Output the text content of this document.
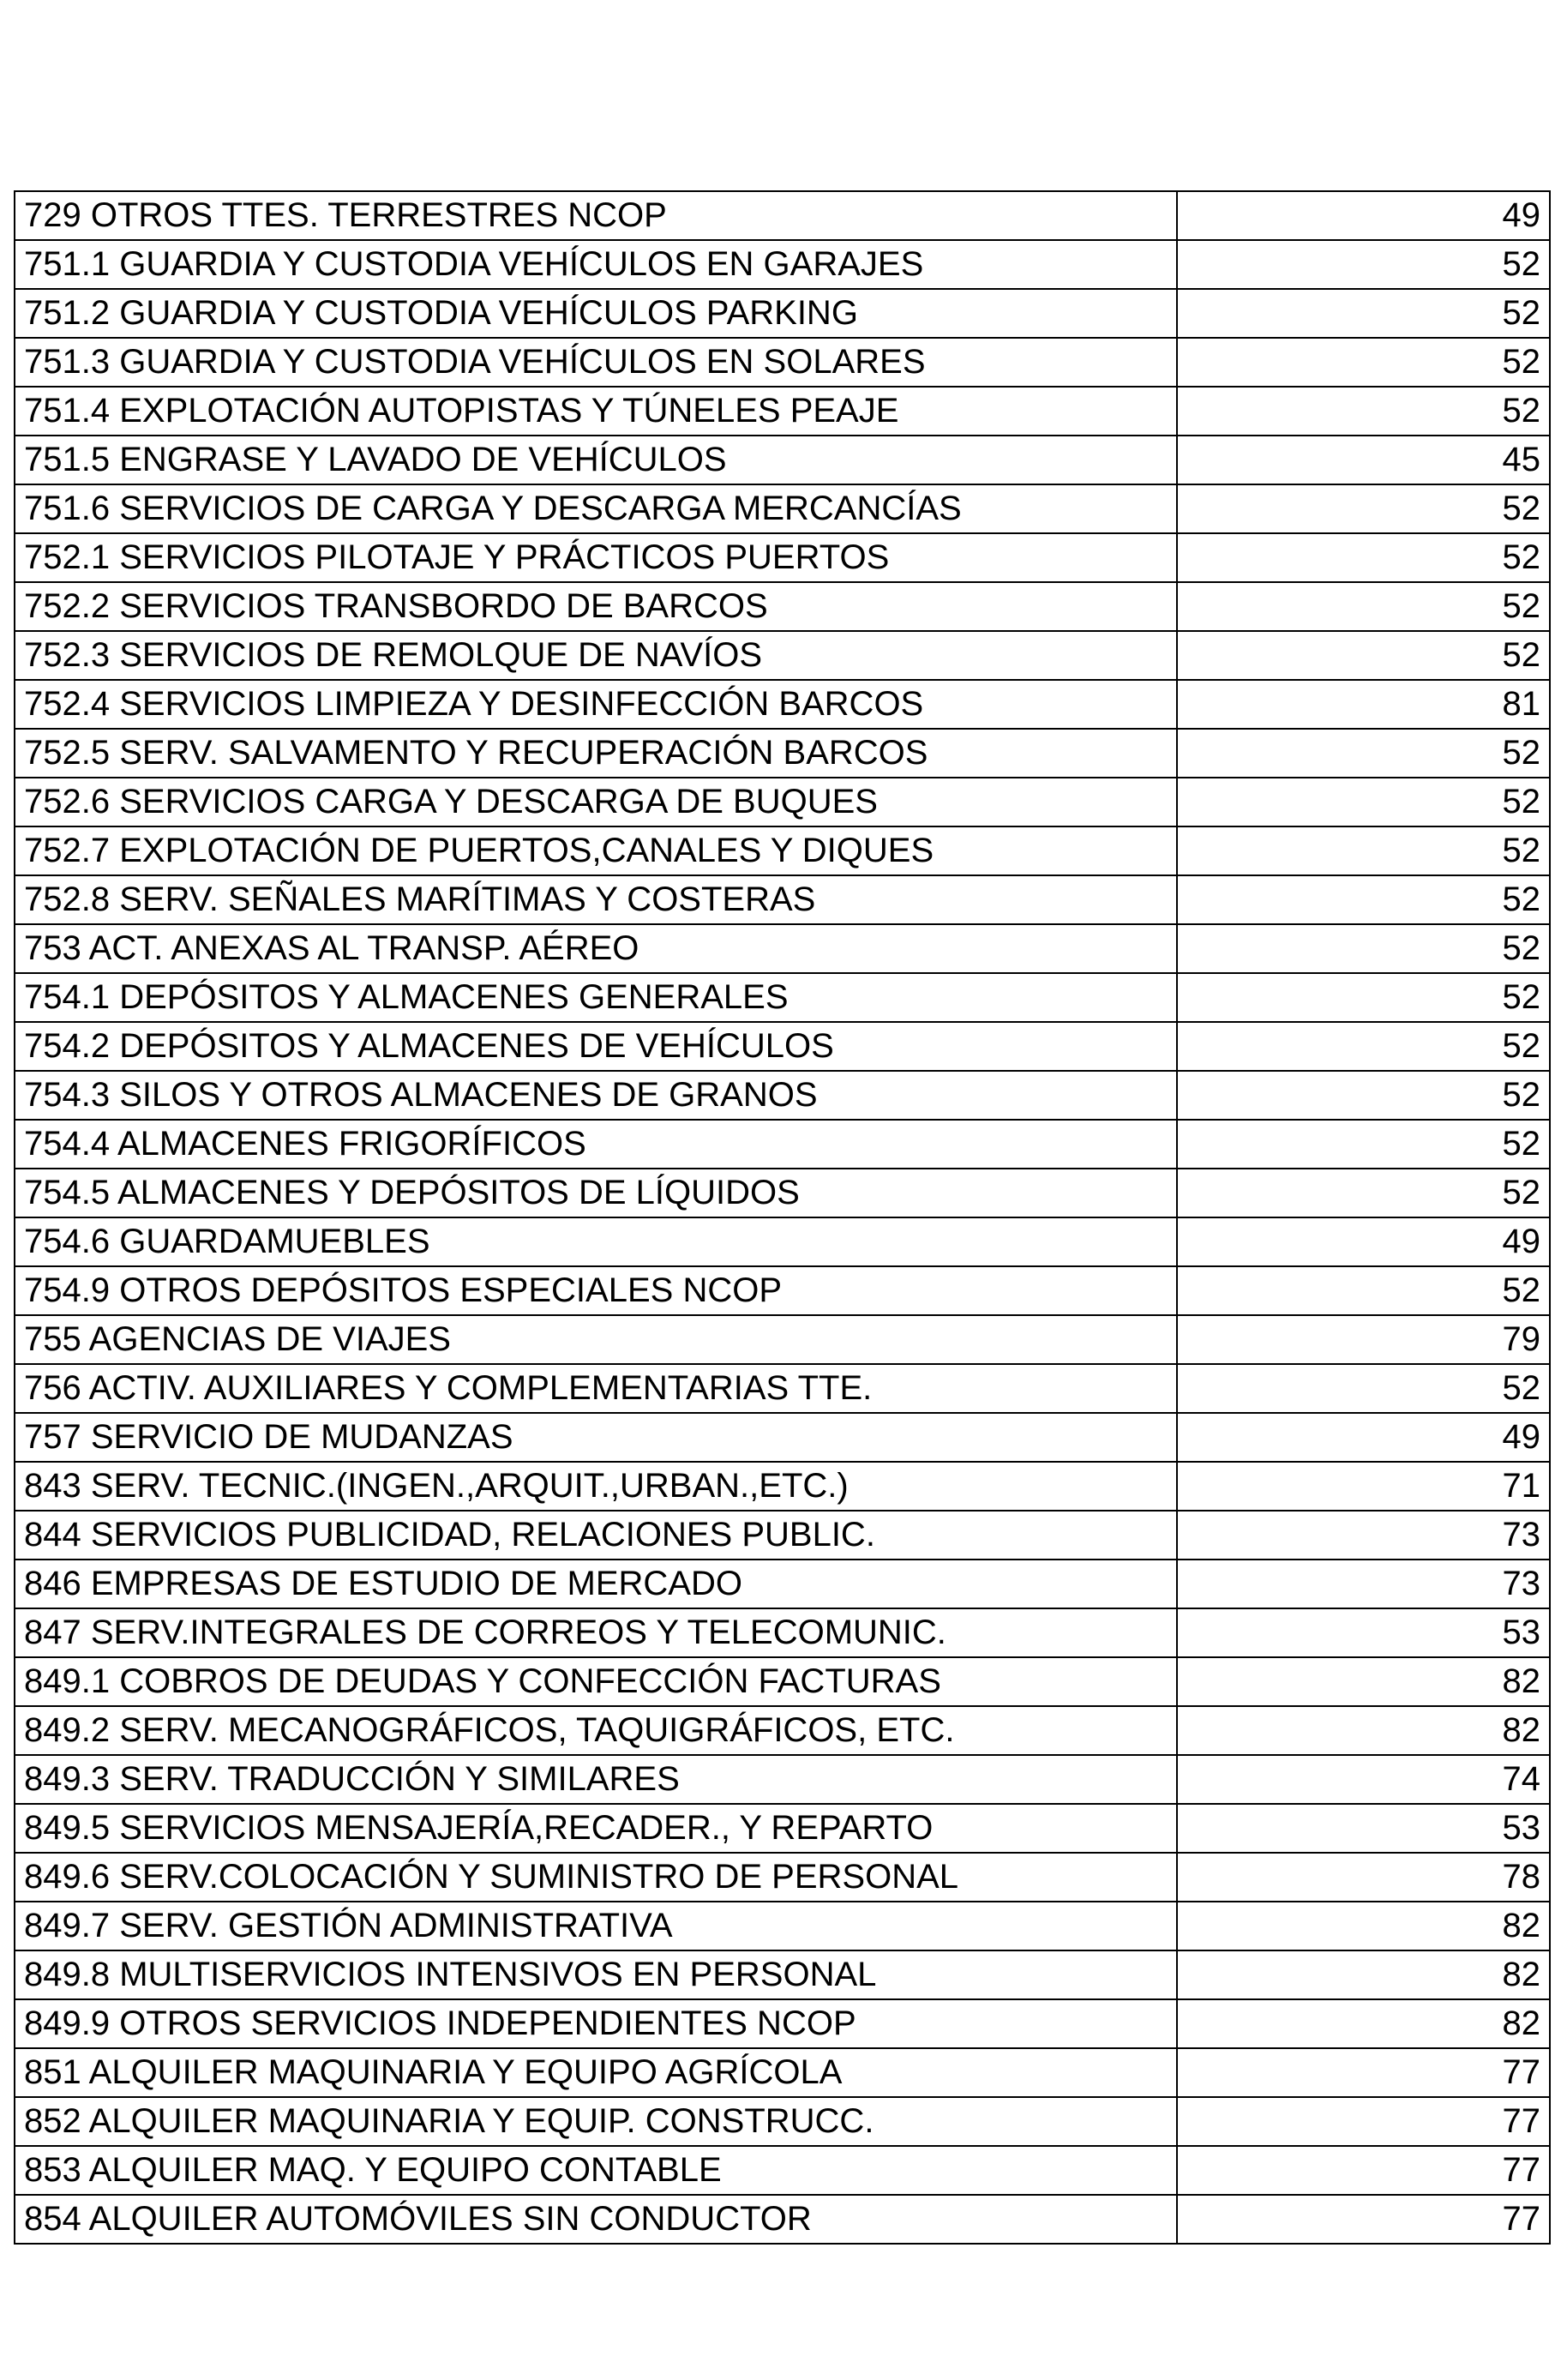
729 OTROS TTES. TERRESTRES NCOP	49
751.1 GUARDIA Y CUSTODIA VEHÍCULOS EN GARAJES	52
751.2 GUARDIA Y CUSTODIA VEHÍCULOS PARKING	52
751.3 GUARDIA Y CUSTODIA VEHÍCULOS EN SOLARES	52
751.4 EXPLOTACIÓN AUTOPISTAS Y TÚNELES PEAJE	52
751.5 ENGRASE Y LAVADO DE VEHÍCULOS	45
751.6 SERVICIOS DE CARGA Y DESCARGA MERCANCÍAS	52
752.1 SERVICIOS PILOTAJE Y PRÁCTICOS PUERTOS	52
752.2 SERVICIOS TRANSBORDO DE BARCOS	52
752.3 SERVICIOS DE REMOLQUE DE NAVÍOS	52
752.4 SERVICIOS LIMPIEZA Y DESINFECCIÓN BARCOS	81
752.5 SERV. SALVAMENTO Y RECUPERACIÓN BARCOS	52
752.6 SERVICIOS CARGA Y DESCARGA DE BUQUES	52
752.7 EXPLOTACIÓN DE PUERTOS,CANALES Y DIQUES	52
752.8 SERV. SEÑALES MARÍTIMAS Y COSTERAS	52
753 ACT. ANEXAS AL TRANSP. AÉREO	52
754.1 DEPÓSITOS Y ALMACENES GENERALES	52
754.2 DEPÓSITOS Y ALMACENES DE VEHÍCULOS	52
754.3 SILOS Y OTROS ALMACENES DE GRANOS	52
754.4 ALMACENES FRIGORÍFICOS	52
754.5 ALMACENES Y DEPÓSITOS DE LÍQUIDOS	52
754.6 GUARDAMUEBLES	49
754.9 OTROS DEPÓSITOS ESPECIALES NCOP	52
755 AGENCIAS DE VIAJES	79
756 ACTIV. AUXILIARES Y COMPLEMENTARIAS TTE.	52
757 SERVICIO DE MUDANZAS	49
843 SERV. TECNIC.(INGEN.,ARQUIT.,URBAN.,ETC.)	71
844 SERVICIOS PUBLICIDAD, RELACIONES PUBLIC.	73
846 EMPRESAS DE ESTUDIO DE MERCADO	73
847 SERV.INTEGRALES DE CORREOS Y TELECOMUNIC.	53
849.1 COBROS DE DEUDAS Y CONFECCIÓN FACTURAS	82
849.2 SERV. MECANOGRÁFICOS, TAQUIGRÁFICOS, ETC.	82
849.3 SERV. TRADUCCIÓN Y SIMILARES	74
849.5 SERVICIOS MENSAJERÍA,RECADER., Y REPARTO	53
849.6 SERV.COLOCACIÓN Y SUMINISTRO DE PERSONAL	78
849.7 SERV. GESTIÓN ADMINISTRATIVA	82
849.8 MULTISERVICIOS INTENSIVOS EN PERSONAL	82
849.9 OTROS SERVICIOS INDEPENDIENTES NCOP	82
851 ALQUILER MAQUINARIA Y EQUIPO AGRÍCOLA	77
852 ALQUILER MAQUINARIA Y EQUIP. CONSTRUCC.	77
853 ALQUILER MAQ. Y EQUIPO CONTABLE	77
854 ALQUILER AUTOMÓVILES SIN CONDUCTOR	77
